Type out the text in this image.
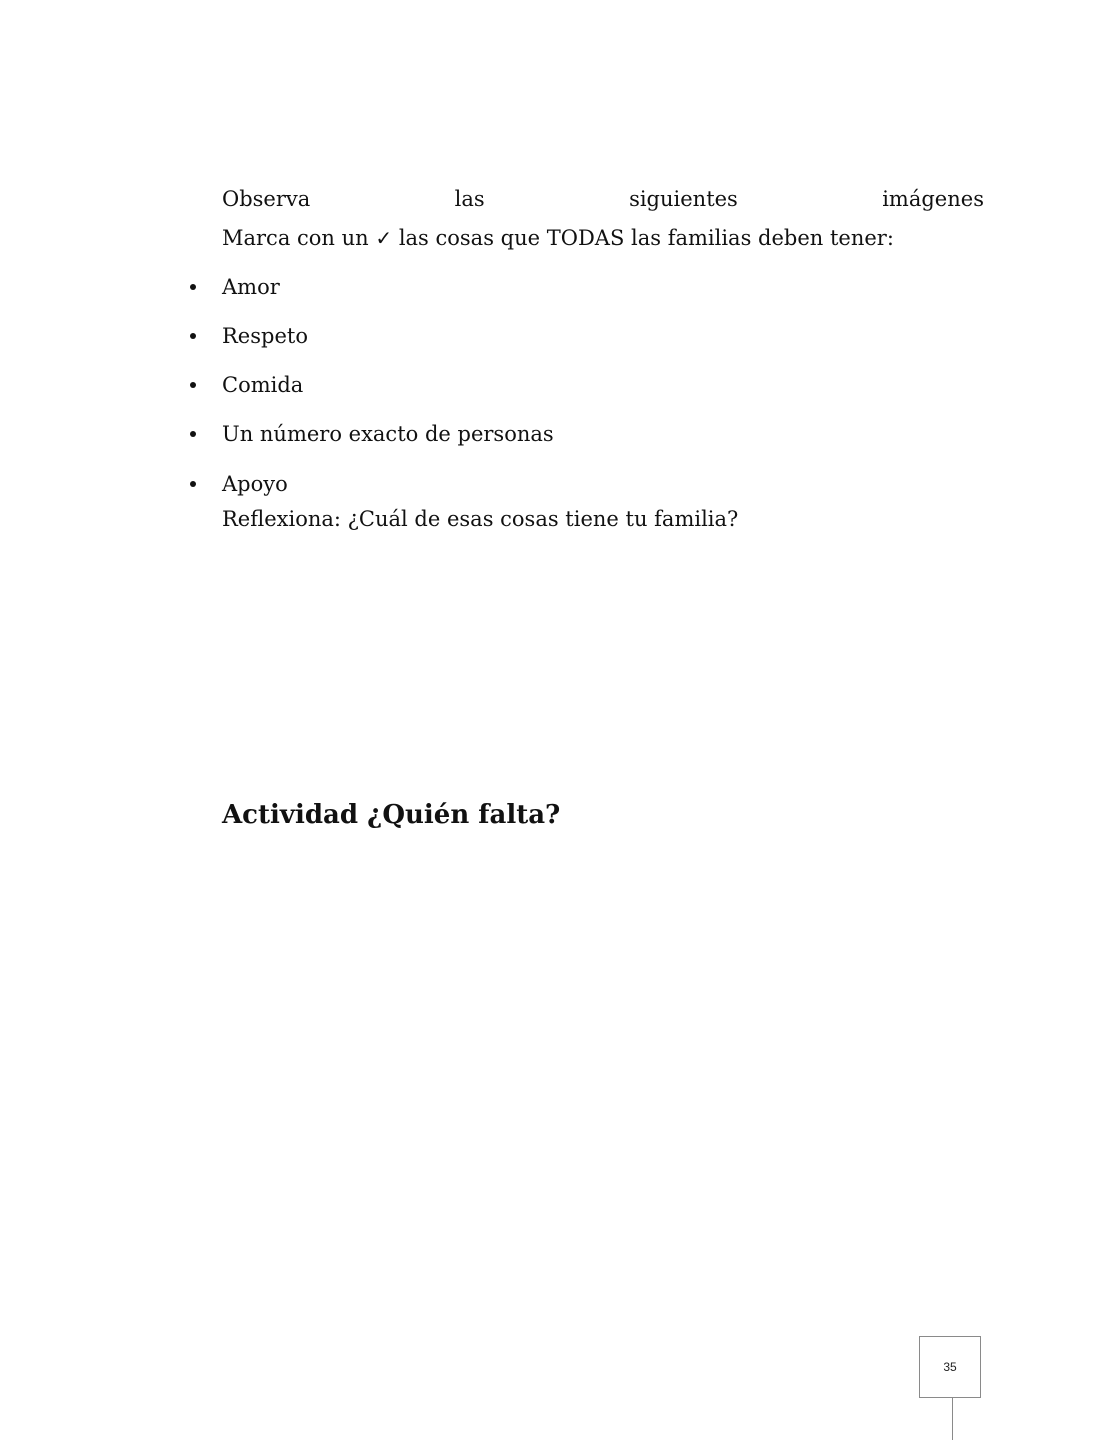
Observa	las	siguientes	imágenes
Marca con un ✓ las cosas que TODAS las familias deben tener:
Amor
Respeto
Comida
Un número exacto de personas
Apoyo
Reflexiona: ¿Cuál de esas cosas tiene tu familia?
Actividad ¿Quién falta?
35
